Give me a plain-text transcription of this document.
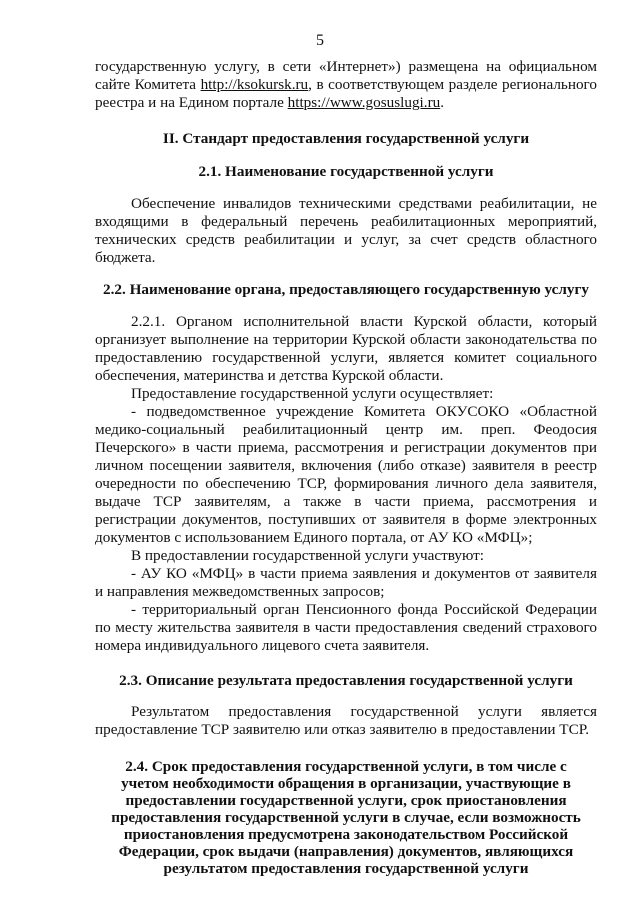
5

государственную услугу, в сети «Интернет») размещена на официальном сайте Комитета http://ksokursk.ru, в соответствующем разделе регионального реестра и на Едином портале https://www.gosuslugi.ru.

II. Стандарт предоставления государственной услуги

2.1. Наименование государственной услуги

Обеспечение инвалидов техническими средствами реабилитации, не входящими в федеральный перечень реабилитационных мероприятий, технических средств реабилитации и услуг, за счет средств областного бюджета.

2.2. Наименование органа, предоставляющего государственную услугу

2.2.1. Органом исполнительной власти Курской области, который организует выполнение на территории Курской области законодательства по предоставлению государственной услуги, является комитет социального обеспечения, материнства и детства Курской области.

Предоставление государственной услуги осуществляет:

- подведомственное учреждение Комитета ОКУСОКО «Областной медико-социальный реабилитационный центр им. преп. Феодосия Печерского» в части приема, рассмотрения и регистрации документов при личном посещении заявителя, включения (либо отказе) заявителя в реестр очередности по обеспечению ТСР, формирования личного дела заявителя, выдаче ТСР заявителям, а также в части приема, рассмотрения и регистрации документов, поступивших от заявителя в форме электронных документов с использованием Единого портала, от АУ КО «МФЦ»;

В предоставлении государственной услуги участвуют:

- АУ КО «МФЦ» в части приема заявления и документов от заявителя и направления межведомственных запросов;

- территориальный орган Пенсионного фонда Российской Федерации по месту жительства заявителя в части предоставления сведений страхового номера индивидуального лицевого счета заявителя.

2.3. Описание результата предоставления государственной услуги

Результатом предоставления государственной услуги является предоставление ТСР заявителю или отказ заявителю в предоставлении ТСР.

2.4. Срок предоставления государственной услуги, в том числе с учетом необходимости обращения в организации, участвующие в предоставлении государственной услуги, срок приостановления предоставления государственной услуги в случае, если возможность приостановления предусмотрена законодательством Российской Федерации, срок выдачи (направления) документов, являющихся результатом предоставления государственной услуги
